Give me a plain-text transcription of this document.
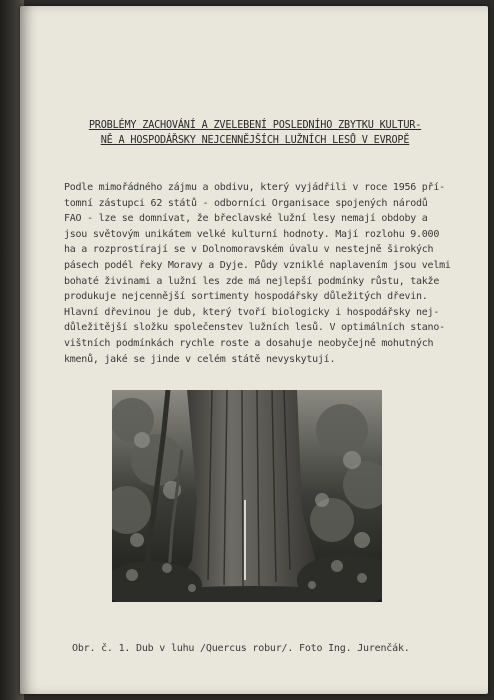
PROBLÉMY ZACHOVÁNÍ A ZVELEBENÍ POSLEDNÍHO ZBYTKU KULTUR-
NĚ A HOSPODÁŘSKY NEJCENNĚJŠÍCH LUŽNÍCH LESŮ V EVROPĚ
Podle mimořádného zájmu a obdivu, který vyjádřili v roce 1956 pří-
tomní zástupci 62 států - odborníci Organisace spojených národů
FAO - lze se domnívat, že břeclavské lužní lesy nemají obdoby a
jsou světovým unikátem velké kulturní hodnoty. Mají rozlohu 9.000
ha a rozprostírají se v Dolnomoravském úvalu v nestejně širokých
pásech podél řeky Moravy a Dyje. Půdy vzniklé naplavením jsou velmi
bohaté živinami a lužní les zde má nejlepší podmínky růstu, takže
produkuje nejcennější sortimenty hospodářsky důležitých dřevin.
Hlavní dřevinou je dub, který tvoří biologicky i hospodářsky nej-
důležitější složku společenstev lužních lesů. V optimálních stano-
vištních podmínkách rychle roste a dosahuje neobyčejně mohutných
kmenů, jaké se jinde v celém státě nevyskytují.
Obr. č. 1. Dub v luhu /Quercus robur/. Foto Ing. Jurenčák.
